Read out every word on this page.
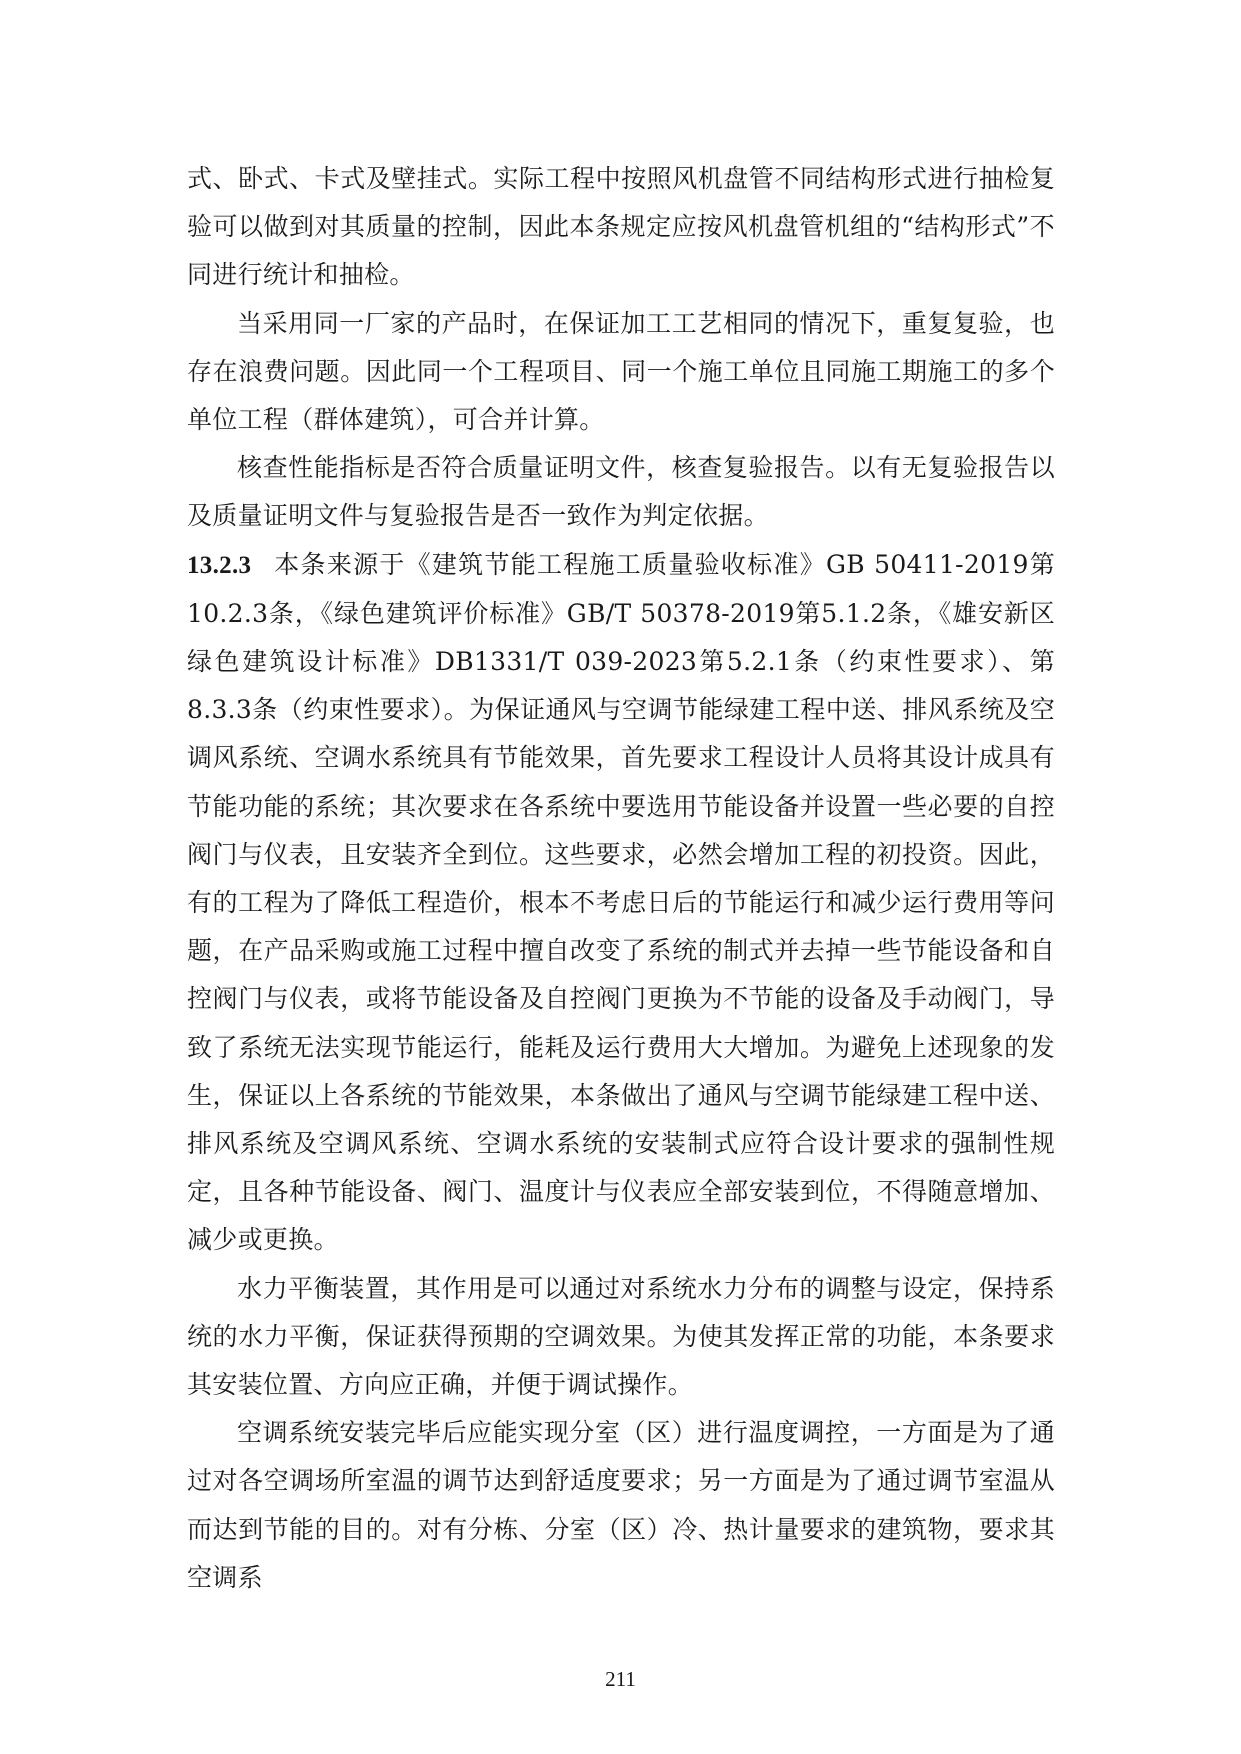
式、卧式、卡式及壁挂式。实际工程中按照风机盘管不同结构形式进行抽检复验可以做到对其质量的控制，因此本条规定应按风机盘管机组的“结构形式”不同进行统计和抽检。

当采用同一厂家的产品时，在保证加工工艺相同的情况下，重复复验，也存在浪费问题。因此同一个工程项目、同一个施工单位且同施工期施工的多个单位工程（群体建筑），可合并计算。

核查性能指标是否符合质量证明文件，核查复验报告。以有无复验报告以及质量证明文件与复验报告是否一致作为判定依据。

13.2.3 本条来源于《建筑节能工程施工质量验收标准》GB 50411-2019第10.2.3条，《绿色建筑评价标准》GB/T 50378-2019第5.1.2条，《雄安新区绿色建筑设计标准》DB1331/T 039-2023第5.2.1条（约束性要求）、第8.3.3条（约束性要求）。为保证通风与空调节能绿建工程中送、排风系统及空调风系统、空调水系统具有节能效果，首先要求工程设计人员将其设计成具有节能功能的系统；其次要求在各系统中要选用节能设备并设置一些必要的自控阀门与仪表，且安装齐全到位。这些要求，必然会增加工程的初投资。因此，有的工程为了降低工程造价，根本不考虑日后的节能运行和减少运行费用等问题，在产品采购或施工过程中擅自改变了系统的制式并去掉一些节能设备和自控阀门与仪表，或将节能设备及自控阀门更换为不节能的设备及手动阀门，导致了系统无法实现节能运行，能耗及运行费用大大增加。为避免上述现象的发生，保证以上各系统的节能效果，本条做出了通风与空调节能绿建工程中送、排风系统及空调风系统、空调水系统的安装制式应符合设计要求的强制性规定，且各种节能设备、阀门、温度计与仪表应全部安装到位，不得随意增加、减少或更换。

水力平衡装置，其作用是可以通过对系统水力分布的调整与设定，保持系统的水力平衡，保证获得预期的空调效果。为使其发挥正常的功能，本条要求其安装位置、方向应正确，并便于调试操作。

空调系统安装完毕后应能实现分室（区）进行温度调控，一方面是为了通过对各空调场所室温的调节达到舒适度要求；另一方面是为了通过调节室温从而达到节能的目的。对有分栋、分室（区）冷、热计量要求的建筑物，要求其空调系

211
